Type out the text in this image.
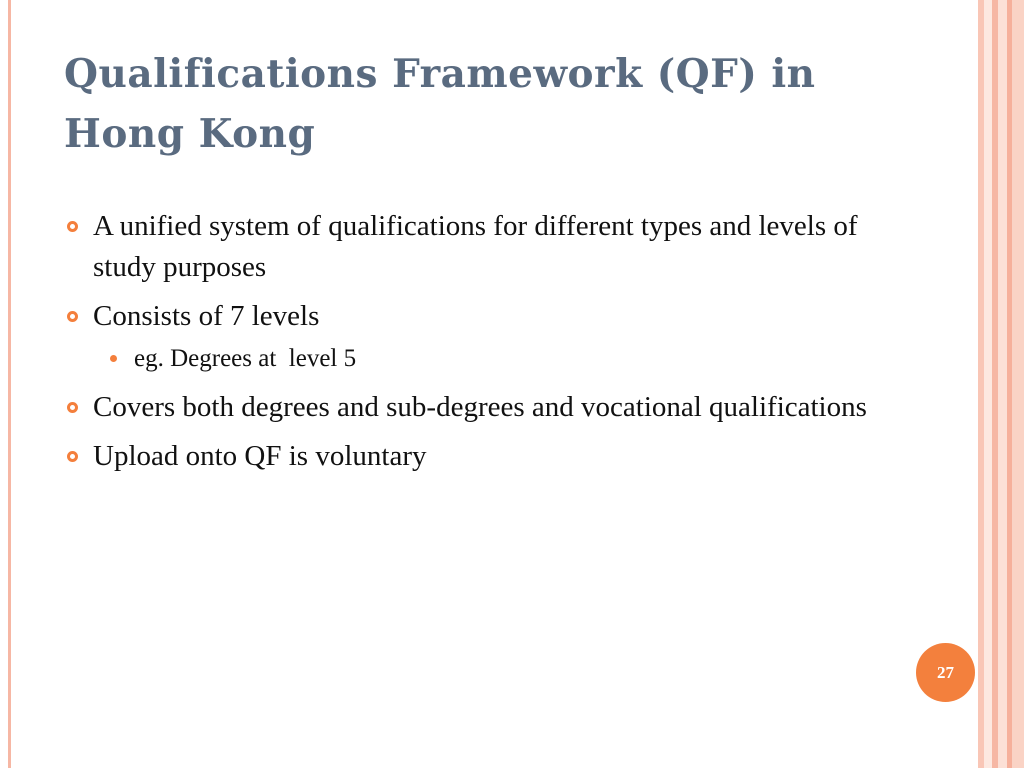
Qualifications Framework (QF) in Hong Kong
A unified system of qualifications for different types and levels of study purposes
Consists of 7 levels
eg. Degrees at  level 5
Covers both degrees and sub-degrees and vocational qualifications
Upload onto QF is voluntary
27
